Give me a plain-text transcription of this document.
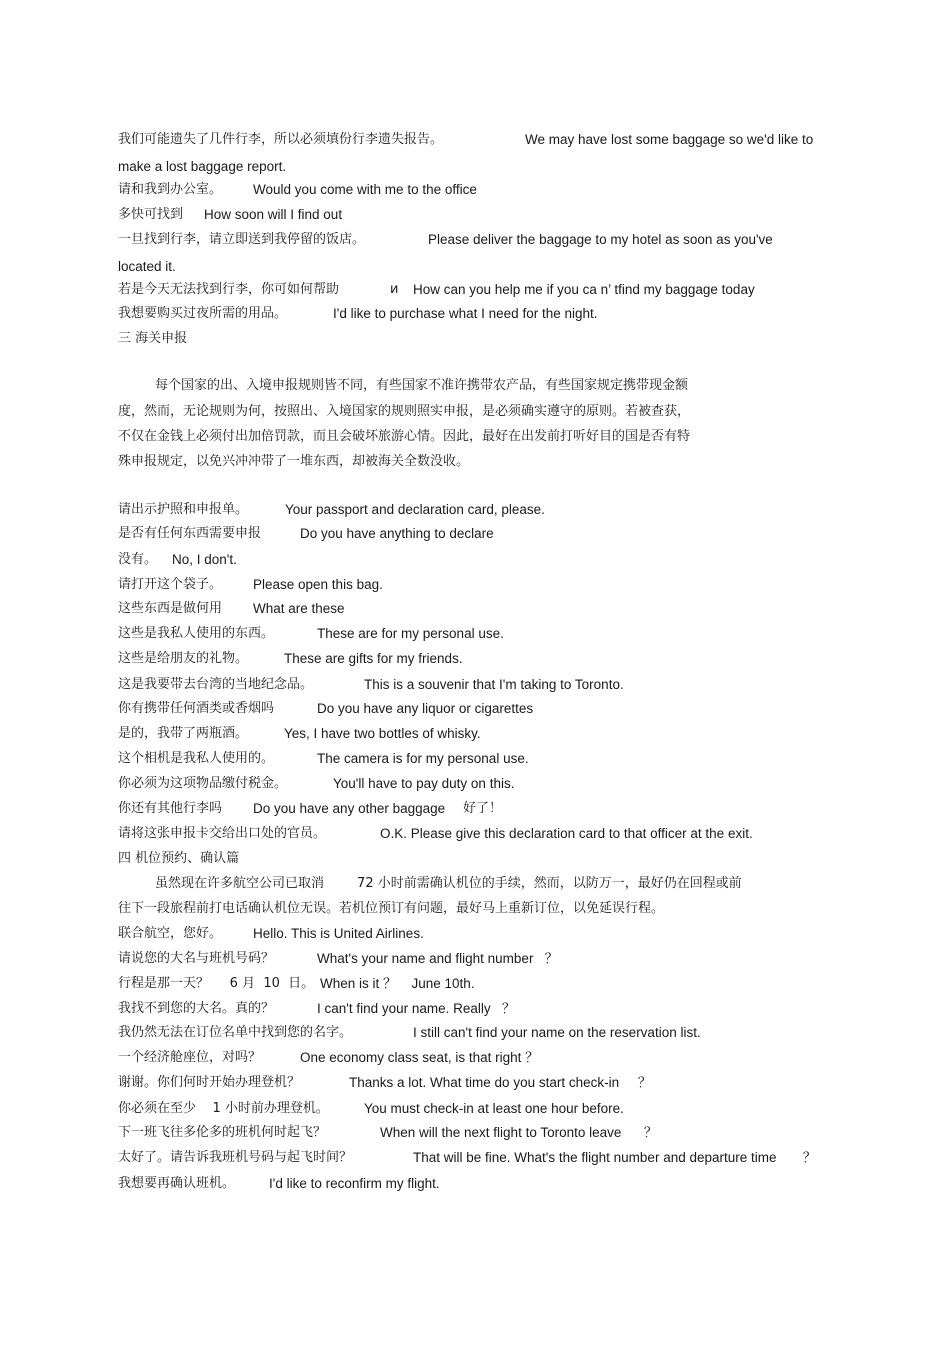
我们可能遗失了几件行李，所以必须填份行李遗失报告。	We may have lost some baggage so we'd like to
make a lost baggage report.
请和我到办公室。 Would you come with me to the office
多快可找到 How soon will I find out
一旦找到行李，请立即送到我停留的饭店。	Please deliver the baggage to my hotel as soon as you've
located it.
若是今天无法找到行李，你可如何帮助	и How can you help me if you ca n’ tfind my baggage today
我想要购买过夜所需的用品。	I'd like to purchase what I need for the night.
三 海关申报
每个国家的出、入境申报规则皆不同，有些国家不准许携带农产品，有些国家规定携带现金额
度，然而，无论规则为何，按照出、入境国家的规则照实申报，是必须确实遵守的原则。若被查获，
不仅在金钱上必须付出加倍罚款，而且会破坏旅游心情。因此，最好在出发前打听好目的国是否有特
殊申报规定，以免兴冲冲带了一堆东西，却被海关全数没收。
请出示护照和申报单。	Your passport and declaration card, please.
是否有任何东西需要申报	Do you have anything to declare
没有。 No, I don't.
请打开这个袋子。 Please open this bag.
这些东西是做何用 What are these
这些是我私人使用的东西。	These are for my personal use.
这些是给朋友的礼物。	These are gifts for my friends.
这是我要带去台湾的当地纪念品。	This is a souvenir that I'm taking to Toronto.
你有携带任何酒类或香烟吗	Do you have any liquor or cigarettes
是的，我带了两瓶酒。	Yes, I have two bottles of whisky.
这个相机是我私人使用的。	The camera is for my personal use.
你必须为这项物品缴付税金。	You'll have to pay duty on this.
你还有其他行李吗 Do you have any other baggage 好了！
请将这张申报卡交给出口处的官员。	O.K. Please give this declaration card to that officer at the exit.
四 机位预约、确认篇
虽然现在许多航空公司已取消        72 小时前需确认机位的手续，然而，以防万一，最好仍在回程或前
往下一段旅程前打电话确认机位无误。若机位预订有问题，最好马上重新订位，以免延误行程。
联合航空，您好。 Hello. This is United Airlines.
请说您的大名与班机号码？	What's your name and flight number   ？
行程是那一天？     6 月  10  日。 When is it ？    June 10th.
我找不到您的大名。真的？	I can't find your name. Really   ？
我仍然无法在订位名单中找到您的名字。	I still can't find your name on the reservation list.
一个经济舱座位，对吗？	One economy class seat, is that right ？
谢谢。你们何时开始办理登机？	Thanks a lot. What time do you start check-in     ？
你必须在至少    1 小时前办理登机。	You must check-in at least one hour before.
下一班飞往多伦多的班机何时起飞？	When will the next flight to Toronto leave      ？
太好了。请告诉我班机号码与起飞时间？	That will be fine. What's the flight number and departure time       ？
我想要再确认班机。	I'd like to reconfirm my flight.
